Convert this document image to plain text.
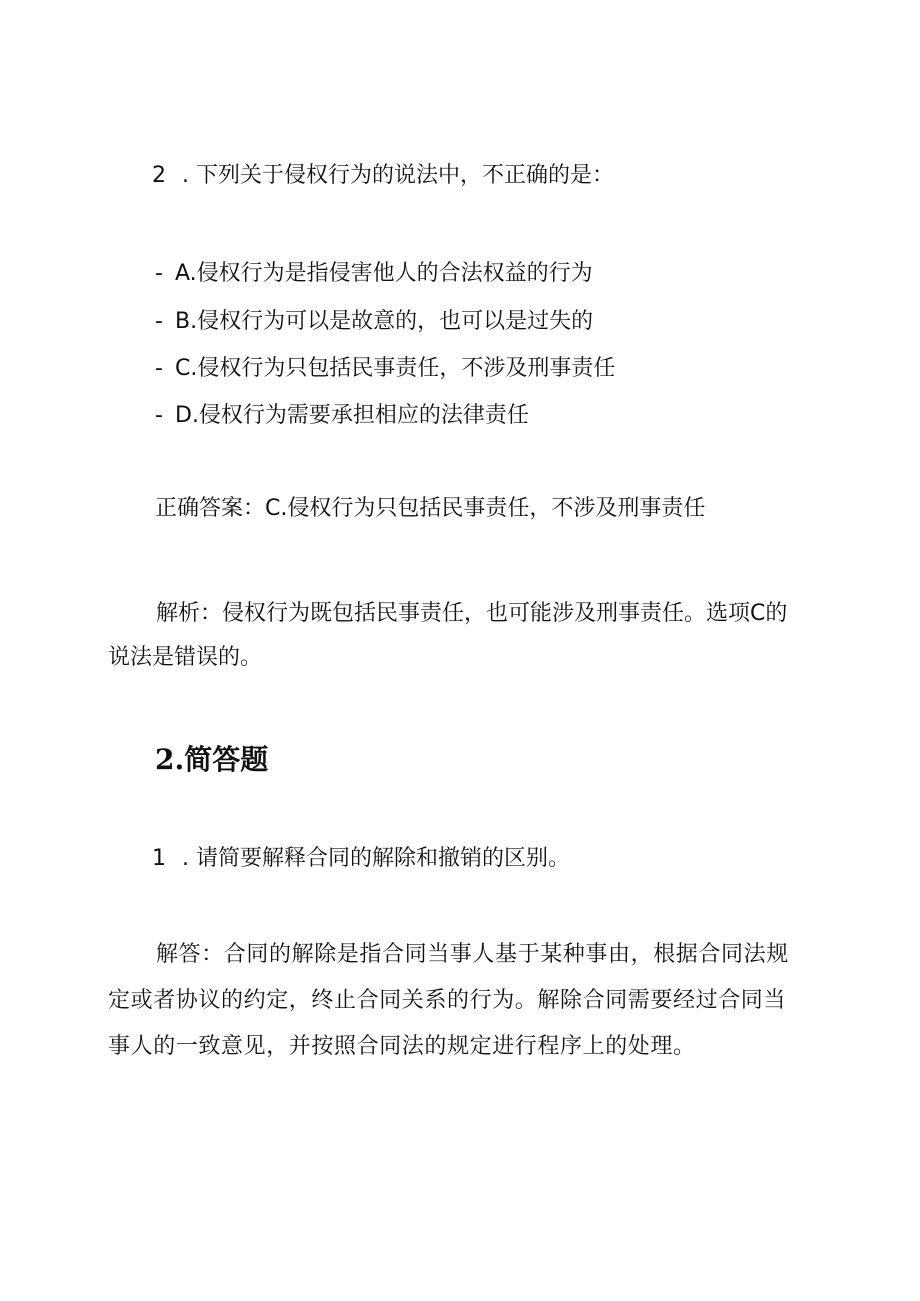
2 . 下列关于侵权行为的说法中，不正确的是：
- A.侵权行为是指侵害他人的合法权益的行为
- B.侵权行为可以是故意的，也可以是过失的
- C.侵权行为只包括民事责任，不涉及刑事责任
- D.侵权行为需要承担相应的法律责任
正确答案：C.侵权行为只包括民事责任，不涉及刑事责任

解析：侵权行为既包括民事责任，也可能涉及刑事责任。选项C的说法是错误的。

2.简答题
1 . 请简要解释合同的解除和撤销的区别。

解答：合同的解除是指合同当事人基于某种事由，根据合同法规定或者协议的约定，终止合同关系的行为。解除合同需要经过合同当事人的一致意见，并按照合同法的规定进行程序上的处理。
